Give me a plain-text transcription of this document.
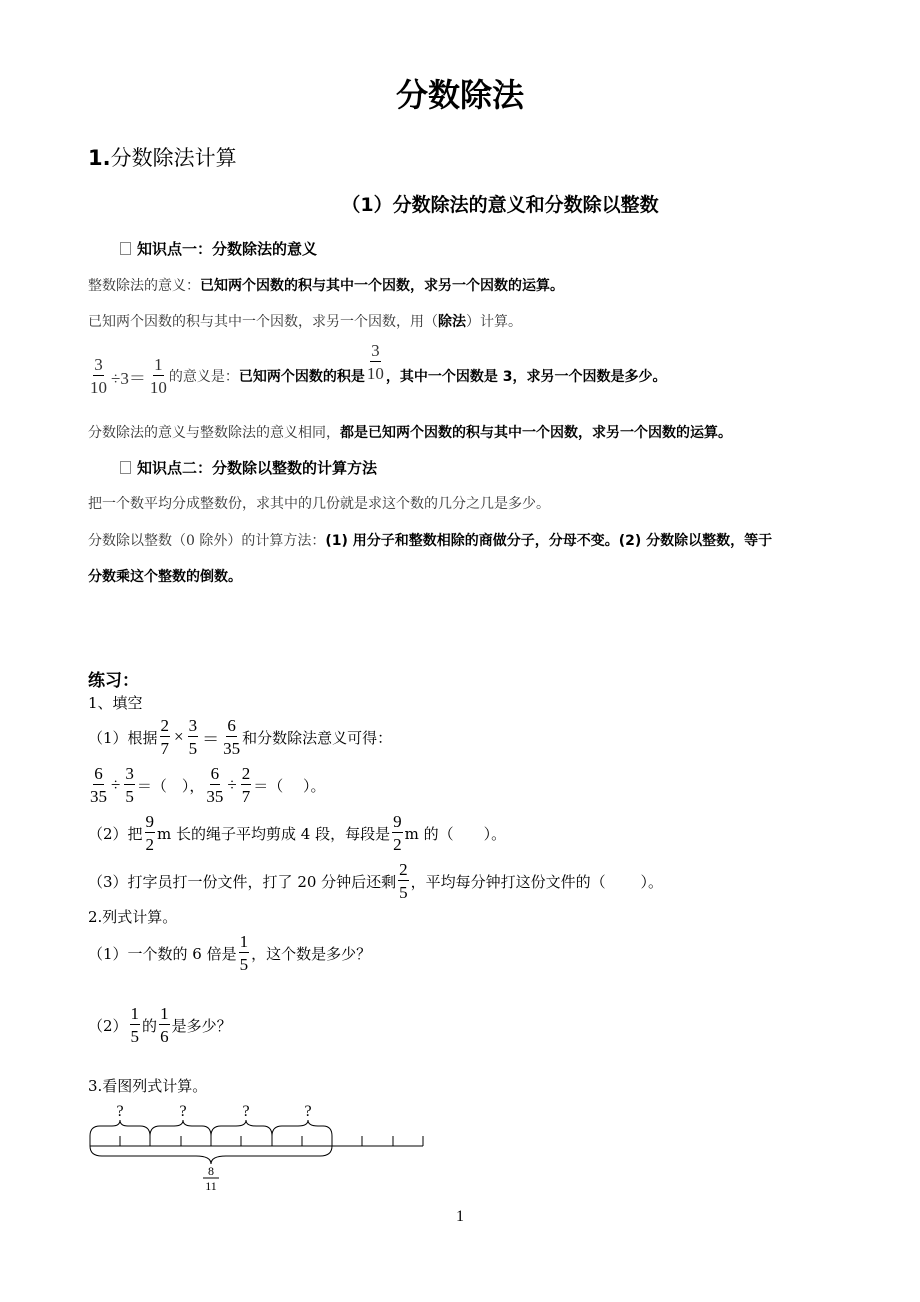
分数除法
1.分数除法计算
（1）分数除法的意义和分数除以整数
知识点一：分数除法的意义
整数除法的意义：已知两个因数的积与其中一个因数，求另一个因数的运算。
已知两个因数的积与其中一个因数，求另一个因数，用（除法）计算。
$\frac{3}{10} \div 3= \frac{1}{10}$ 的意义是： 已知两个因数的积是 $\frac{3}{10}$ ，其中一个因数是 3，求另一个因数是多少。
分数除法的意义与整数除法的意义相同，都是已知两个因数的积与其中一个因数，求另一个因数的运算。
知识点二：分数除以整数的计算方法
把一个数平均分成整数份，求其中的几份就是求这个数的几分之几是多少。
分数除以整数（0 除外）的计算方法：(1) 用分子和整数相除的商做分子，分母不变。(2) 分数除以整数，等于
分数乘这个整数的倒数。
练习：
1、填空
（1）根据 $\frac{2}{7} \times \frac{3}{5} = \frac{6}{35}$ 和分数除法意义可得：
$\frac{6}{35} \div \frac{3}{5}$ ＝（　）， $\frac{6}{35} \div \frac{2}{7}$ ＝（　 ）。
（2）把 $\frac{9}{2}$ m 长的绳子平均剪成 4 段，每段是 $\frac{9}{2}$ m 的（　　）。
（3）打字员打一份文件，打了 20 分钟后还剩 $\frac{2}{5}$ ，平均每分钟打这份文件的（　　 ）。
2.列式计算。
（1）一个数的 6 倍是 $\frac{1}{5}$ ，这个数是多少？
$(2) \frac{1}{5}$ 的 $\frac{1}{6}$ 是多少？
3.看图列式计算。
?	?	?	?
8
11
1
